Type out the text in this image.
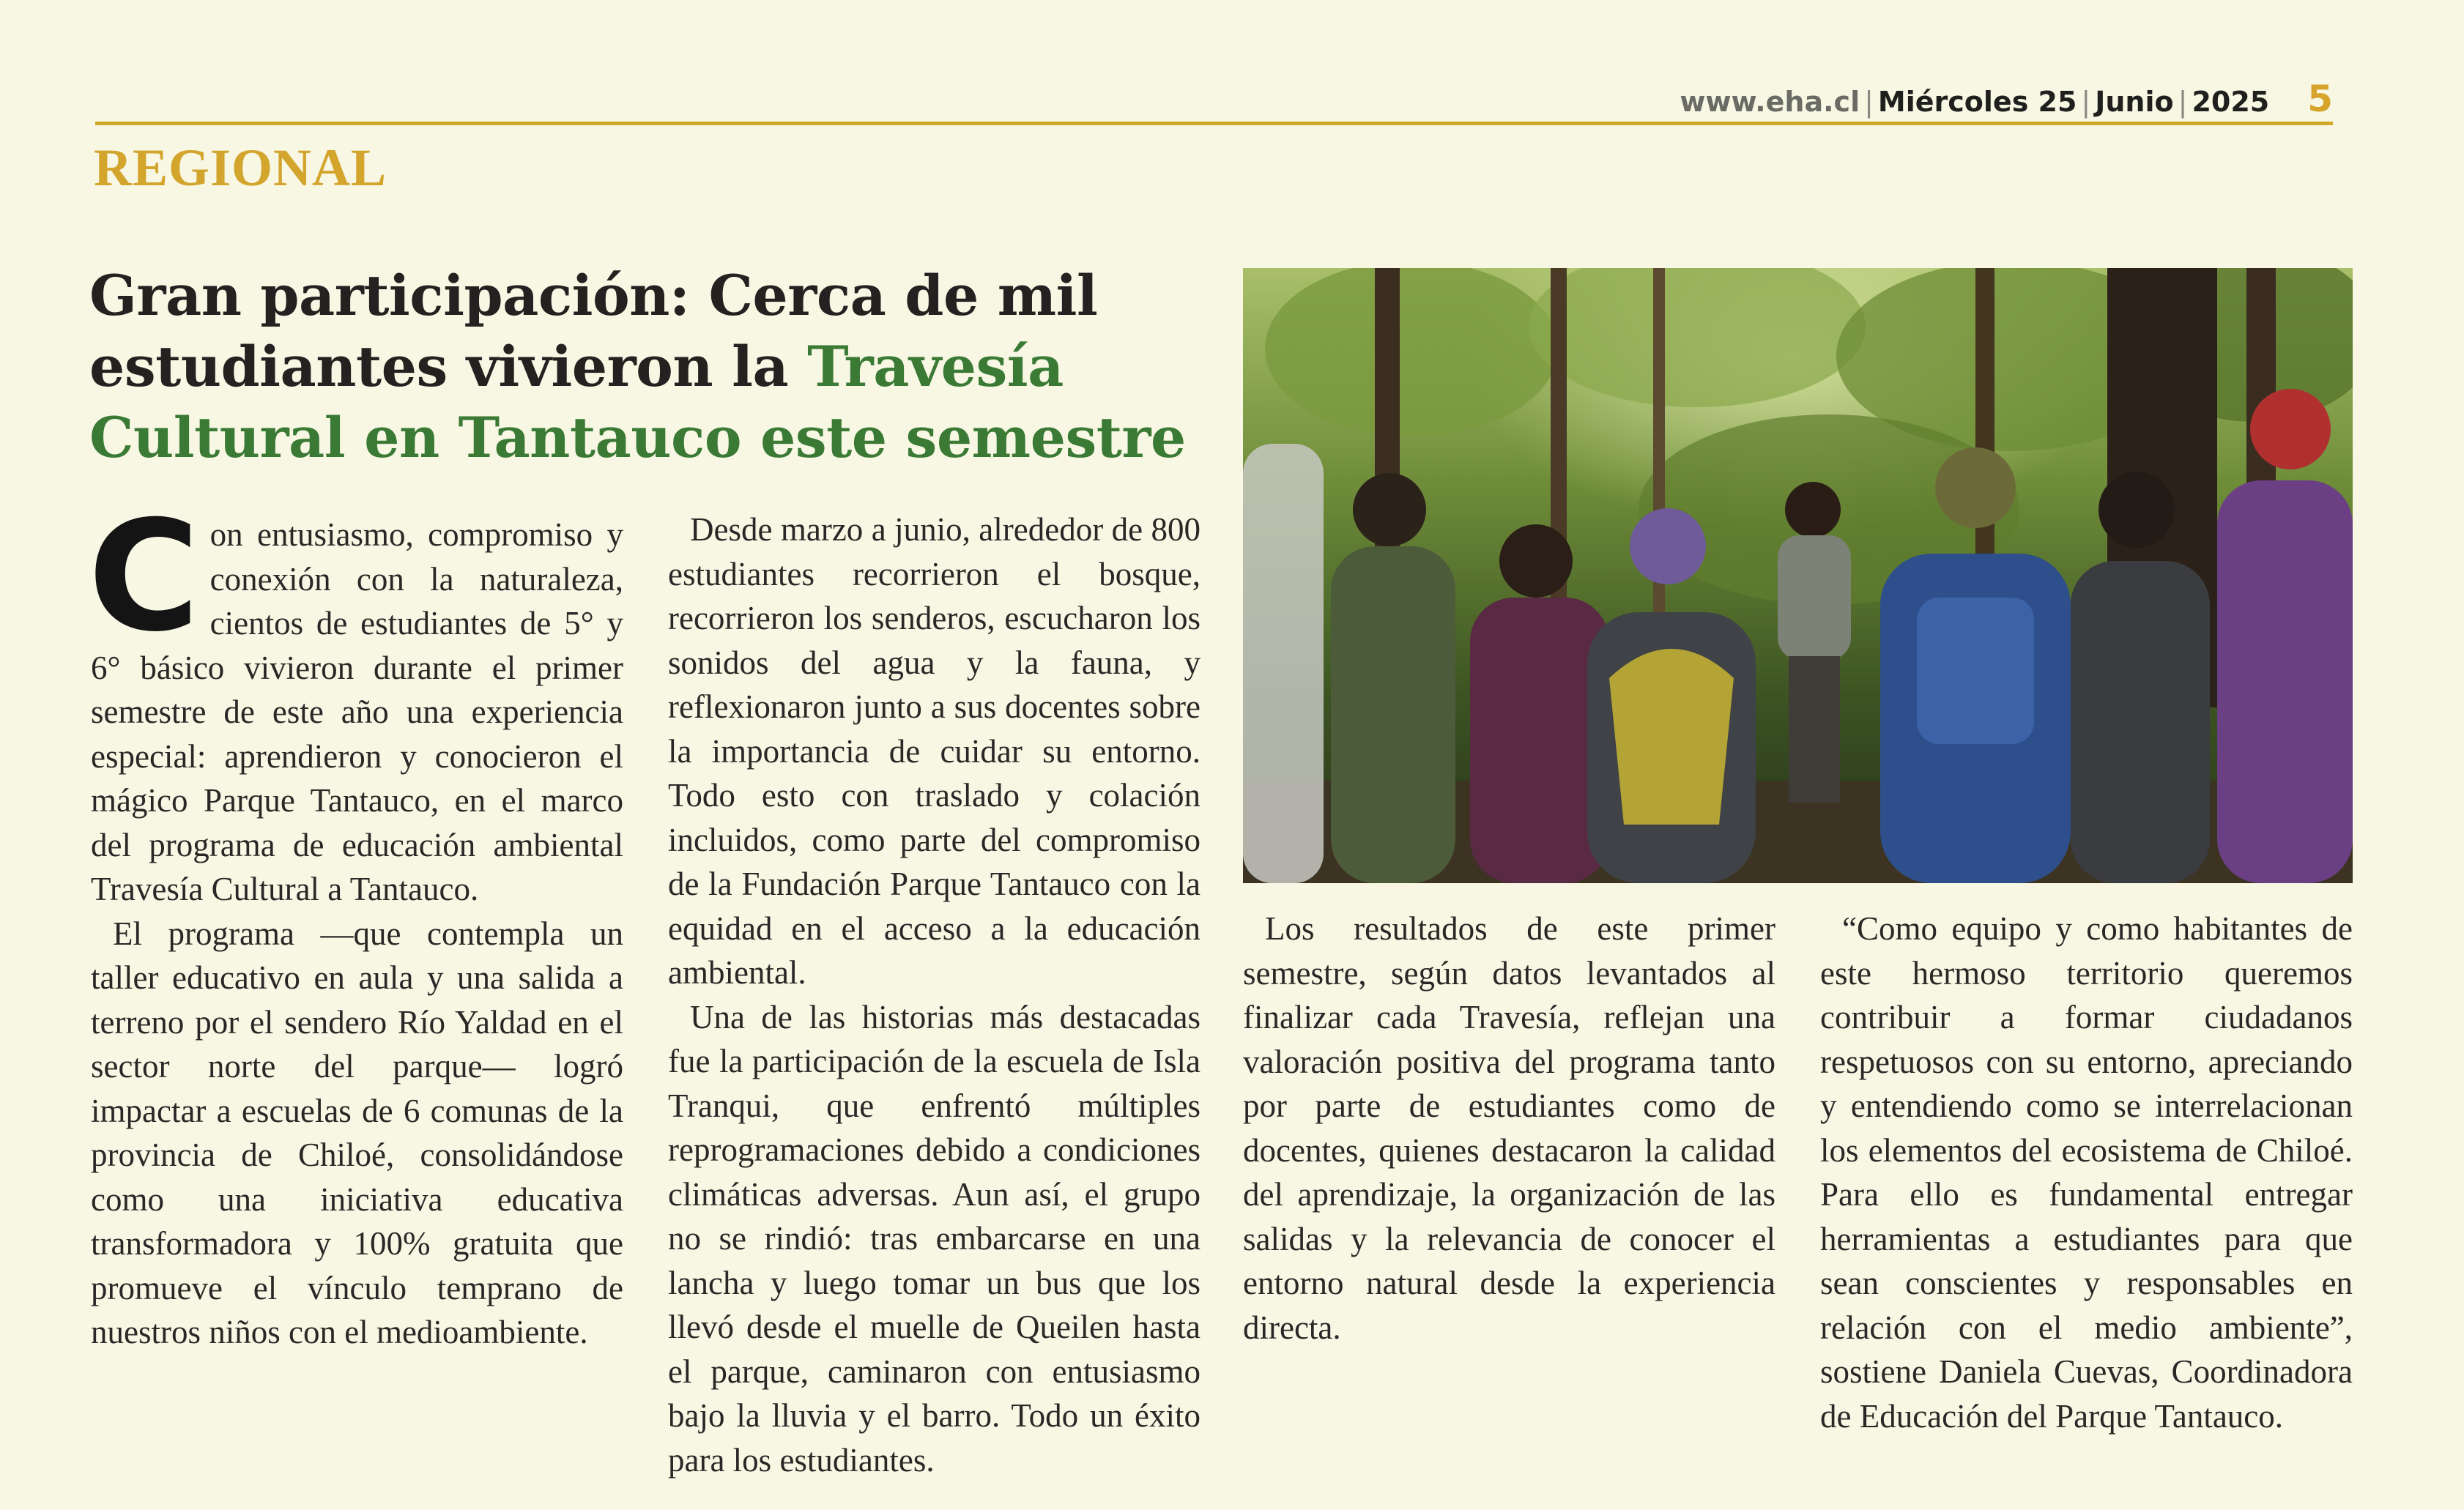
www.eha.cl | Miércoles 25 | Junio | 2025 5
REGIONAL
Gran participación: Cerca de mil estudiantes vivieron la Travesía Cultural en Tantauco este semestre

Con entusiasmo, compromiso y conexión con la naturaleza, cientos de estudiantes de 5° y 6° básico vivieron durante el primer semestre de este año una experiencia especial: aprendieron y conocieron el mágico Parque Tantauco, en el marco del programa de educación ambiental Travesía Cultural a Tantauco.

El programa —que contempla un taller educativo en aula y una salida a terreno por el sendero Río Yaldad en el sector norte del parque— logró impactar a escuelas de 6 comunas de la provincia de Chiloé, consolidándose como una iniciativa educativa transformadora y 100% gratuita que promueve el vínculo temprano de nuestros niños con el medioambiente.

Desde marzo a junio, alrededor de 800 estudiantes recorrieron el bosque, recorrieron los senderos, escucharon los sonidos del agua y la fauna, y reflexionaron junto a sus docentes sobre la importancia de cuidar su entorno. Todo esto con traslado y colación incluidos, como parte del compromiso de la Fundación Parque Tantauco con la equidad en el acceso a la educación ambiental.

Una de las historias más destacadas fue la participación de la escuela de Isla Tranqui, que enfrentó múltiples reprogramaciones debido a condiciones climáticas adversas. Aun así, el grupo no se rindió: tras embarcarse en una lancha y luego tomar un bus que los llevó desde el muelle de Queilen hasta el parque, caminaron con entusiasmo bajo la lluvia y el barro. Todo un éxito para los estudiantes.

Los resultados de este primer semestre, según datos levantados al finalizar cada Travesía, reflejan una valoración positiva del programa tanto por parte de estudiantes como de docentes, quienes destacaron la calidad del aprendizaje, la organización de las salidas y la relevancia de conocer el entorno natural desde la experiencia directa.

“Como equipo y como habitantes de este hermoso territorio queremos contribuir a formar ciudadanos respetuosos con su entorno, apreciando y entendiendo como se interrelacionan los elementos del ecosistema de Chiloé. Para ello es fundamental entregar herramientas a estudiantes para que sean conscientes y responsables en relación con el medio ambiente”, sostiene Daniela Cuevas, Coordinadora de Educación del Parque Tantauco.
